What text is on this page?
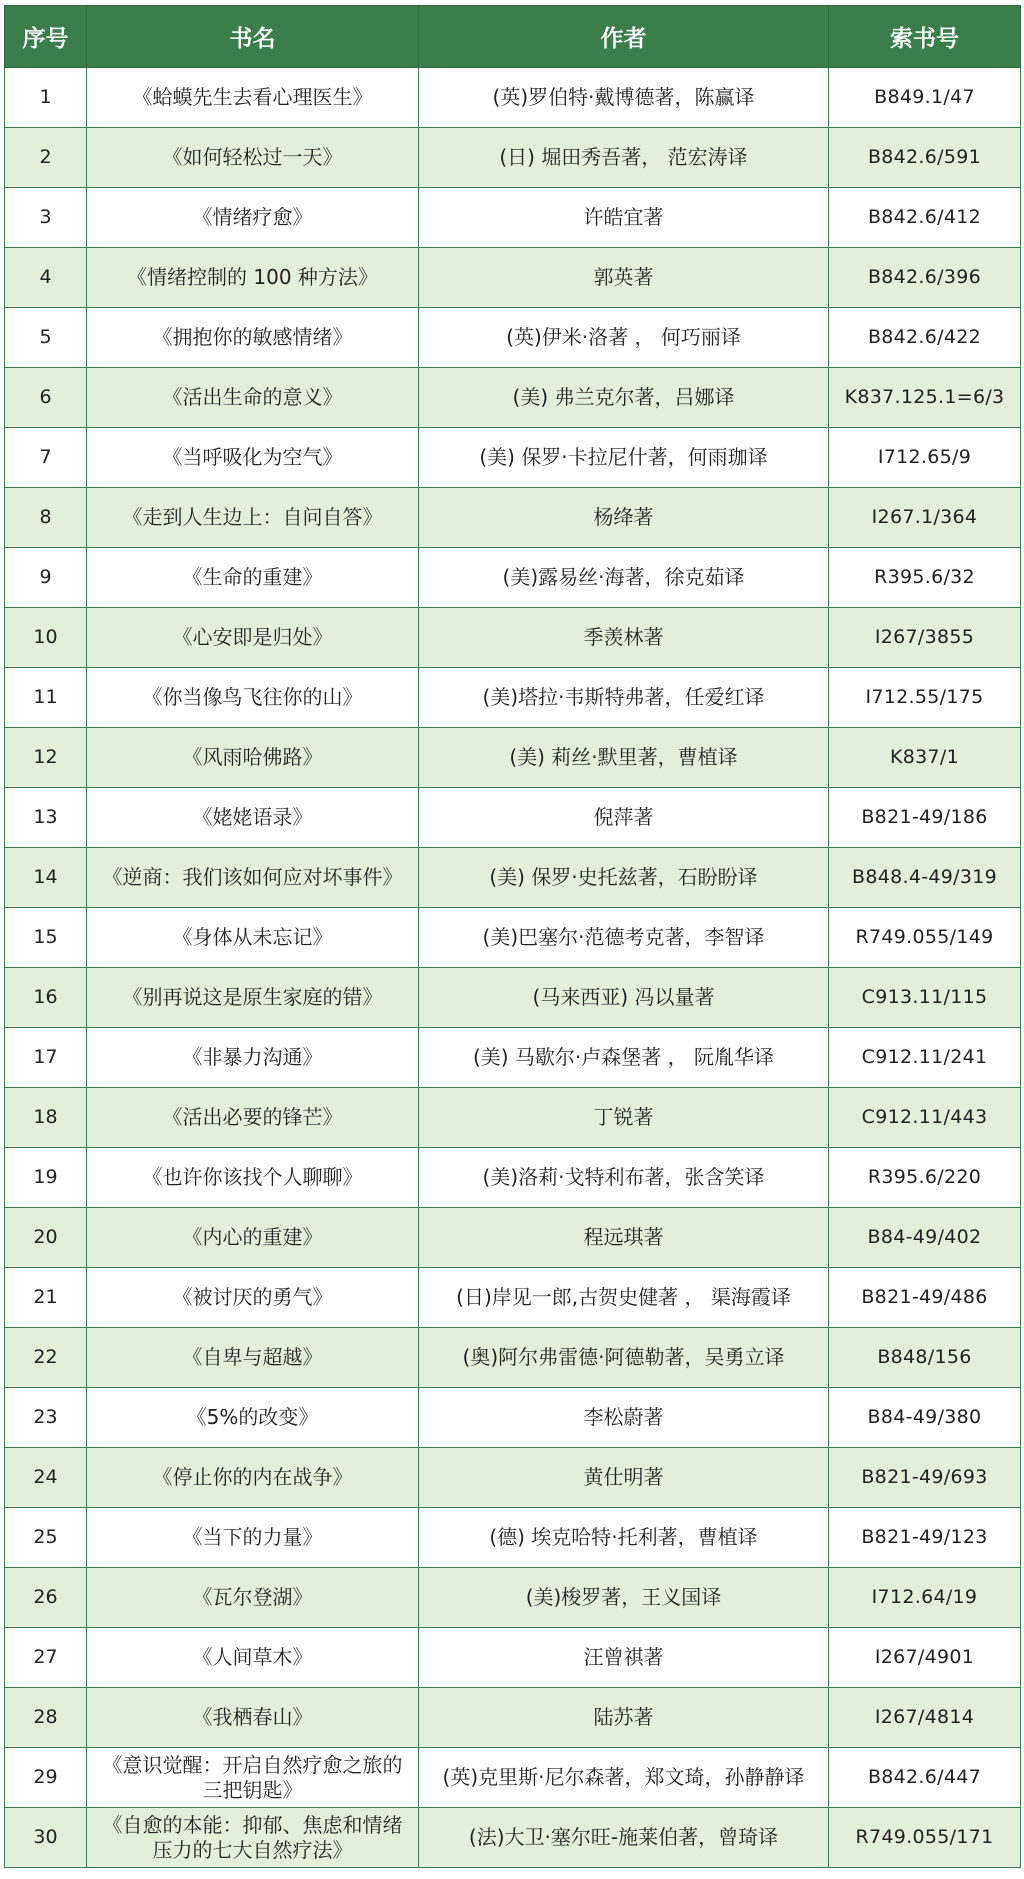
序号	书名	作者	索书号
1	《蛤蟆先生去看心理医生》	(英)罗伯特·戴博德著，陈赢译	B849.1/47
2	《如何轻松过一天》	(日) 堀田秀吾著， 范宏涛译	B842.6/591
3	《情绪疗愈》	许皓宜著	B842.6/412
4	《情绪控制的 100 种方法》	郭英著	B842.6/396
5	《拥抱你的敏感情绪》	(英)伊米·洛著 ， 何巧丽译	B842.6/422
6	《活出生命的意义》	(美) 弗兰克尔著，吕娜译	K837.125.1=6/3
7	《当呼吸化为空气》	(美) 保罗·卡拉尼什著，何雨珈译	I712.65/9
8	《走到人生边上：自问自答》	杨绛著	I267.1/364
9	《生命的重建》	(美)露易丝·海著，徐克茹译	R395.6/32
10	《心安即是归处》	季羡林著	I267/3855
11	《你当像鸟飞往你的山》	(美)塔拉·韦斯特弗著，任爱红译	I712.55/175
12	《风雨哈佛路》	(美) 莉丝·默里著，曹植译	K837/1
13	《姥姥语录》	倪萍著	B821-49/186
14	《逆商：我们该如何应对坏事件》	(美) 保罗·史托兹著，石盼盼译	B848.4-49/319
15	《身体从未忘记》	(美)巴塞尔·范德考克著，李智译	R749.055/149
16	《别再说这是原生家庭的错》	(马来西亚) 冯以量著	C913.11/115
17	《非暴力沟通》	(美) 马歇尔·卢森堡著 ， 阮胤华译	C912.11/241
18	《活出必要的锋芒》	丁锐著	C912.11/443
19	《也许你该找个人聊聊》	(美)洛莉·戈特利布著，张含笑译	R395.6/220
20	《内心的重建》	程远琪著	B84-49/402
21	《被讨厌的勇气》	(日)岸见一郎,古贺史健著 ， 渠海霞译	B821-49/486
22	《自卑与超越》	(奥)阿尔弗雷德·阿德勒著，吴勇立译	B848/156
23	《5%的改变》	李松蔚著	B84-49/380
24	《停止你的内在战争》	黄仕明著	B821-49/693
25	《当下的力量》	(德) 埃克哈特·托利著，曹植译	B821-49/123
26	《瓦尔登湖》	(美)梭罗著，王义国译	I712.64/19
27	《人间草木》	汪曾祺著	I267/4901
28	《我栖春山》	陆苏著	I267/4814
29	《意识觉醒：开启自然疗愈之旅的三把钥匙》	(英)克里斯·尼尔森著，郑文琦，孙静静译	B842.6/447
30	《自愈的本能：抑郁、焦虑和情绪压力的七大自然疗法》	(法)大卫·塞尔旺-施莱伯著，曾琦译	R749.055/171
